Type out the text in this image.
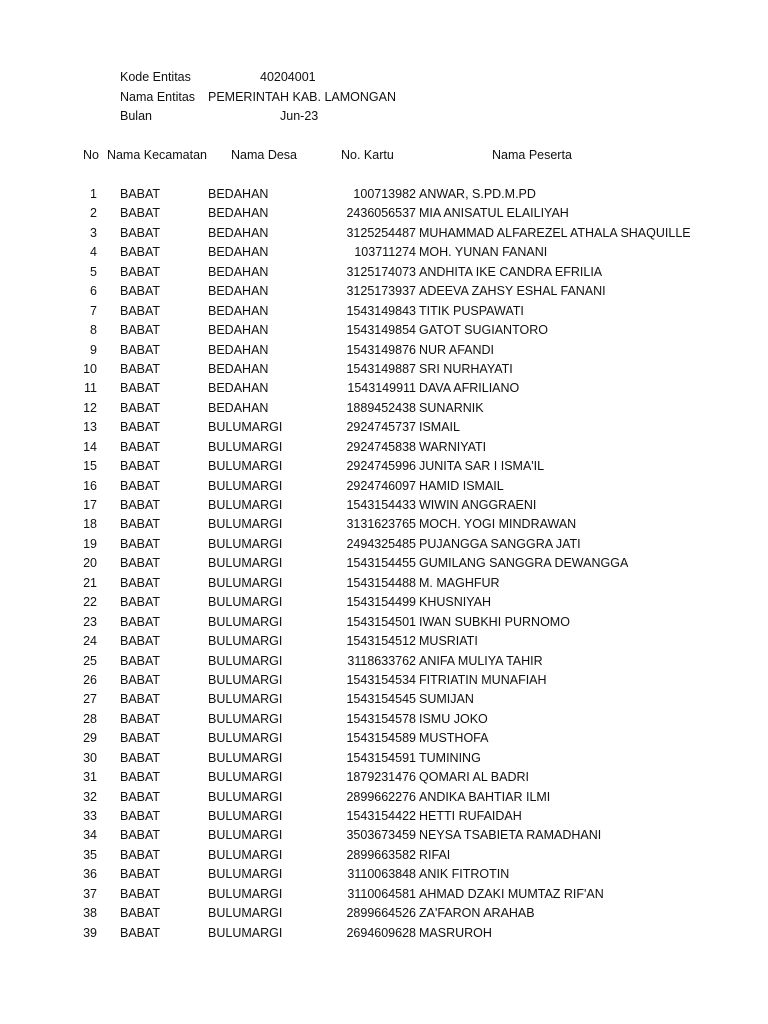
Kode Entitas	40204001
Nama Entitas PEMERINTAH KAB. LAMONGAN
Bulan	Jun-23
No Nama Kecamatan Nama Desa	No. Kartu	Nama Peserta
1 BABAT	BEDAHAN	100713982 ANWAR, S.PD.M.PD
2 BABAT	BEDAHAN	2436056537 MIA ANISATUL ELAILIYAH
3 BABAT	BEDAHAN	3125254487 MUHAMMAD ALFAREZEL ATHALA SHAQUILLE
4 BABAT	BEDAHAN	103711274 MOH. YUNAN FANANI
5 BABAT	BEDAHAN	3125174073 ANDHITA IKE CANDRA EFRILIA
6 BABAT	BEDAHAN	3125173937 ADEEVA ZAHSY ESHAL FANANI
7 BABAT	BEDAHAN	1543149843 TITIK PUSPAWATI
8 BABAT	BEDAHAN	1543149854 GATOT SUGIANTORO
9 BABAT	BEDAHAN	1543149876 NUR AFANDI
10 BABAT	BEDAHAN	1543149887 SRI NURHAYATI
11 BABAT	BEDAHAN	1543149911 DAVA AFRILIANO
12 BABAT	BEDAHAN	1889452438 SUNARNIK
13 BABAT	BULUMARGI	2924745737 ISMAIL
14 BABAT	BULUMARGI	2924745838 WARNIYATI
15 BABAT	BULUMARGI	2924745996 JUNITA SAR I ISMA'IL
16 BABAT	BULUMARGI	2924746097 HAMID ISMAIL
17 BABAT	BULUMARGI	1543154433 WIWIN ANGGRAENI
18 BABAT	BULUMARGI	3131623765 MOCH. YOGI MINDRAWAN
19 BABAT	BULUMARGI	2494325485 PUJANGGA SANGGRA JATI
20 BABAT	BULUMARGI	1543154455 GUMILANG SANGGRA DEWANGGA
21 BABAT	BULUMARGI	1543154488 M. MAGHFUR
22 BABAT	BULUMARGI	1543154499 KHUSNIYAH
23 BABAT	BULUMARGI	1543154501 IWAN SUBKHI PURNOMO
24 BABAT	BULUMARGI	1543154512 MUSRIATI
25 BABAT	BULUMARGI	3118633762 ANIFA MULIYA TAHIR
26 BABAT	BULUMARGI	1543154534 FITRIATIN MUNAFIAH
27 BABAT	BULUMARGI	1543154545 SUMIJAN
28 BABAT	BULUMARGI	1543154578 ISMU JOKO
29 BABAT	BULUMARGI	1543154589 MUSTHOFA
30 BABAT	BULUMARGI	1543154591 TUMINING
31 BABAT	BULUMARGI	1879231476 QOMARI AL BADRI
32 BABAT	BULUMARGI	2899662276 ANDIKA BAHTIAR ILMI
33 BABAT	BULUMARGI	1543154422 HETTI RUFAIDAH
34 BABAT	BULUMARGI	3503673459 NEYSA TSABIETA RAMADHANI
35 BABAT	BULUMARGI	2899663582 RIFAI
36 BABAT	BULUMARGI	3110063848 ANIK FITROTIN
37 BABAT	BULUMARGI	3110064581 AHMAD DZAKI MUMTAZ RIF'AN
38 BABAT	BULUMARGI	2899664526 ZA'FARON ARAHAB
39 BABAT	BULUMARGI	2694609628 MASRUROH
